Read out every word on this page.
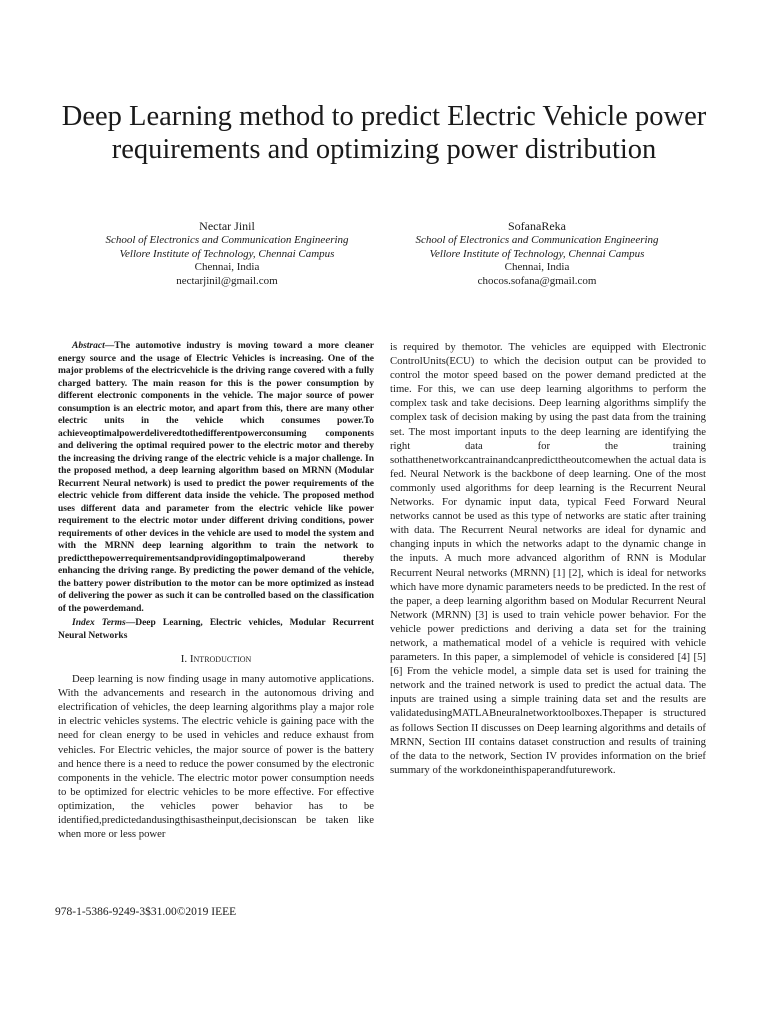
Deep Learning method to predict Electric Vehicle power requirements and optimizing power distribution
Nectar Jinil
School of Electronics and Communication Engineering
Vellore Institute of Technology, Chennai Campus
Chennai, India
nectarjinil@gmail.com
SofanaReka
School of Electronics and Communication Engineering
Vellore Institute of Technology, Chennai Campus
Chennai, India
chocos.sofana@gmail.com

Abstract—The automotive industry is moving toward a more cleaner energy source and the usage of Electric Vehicles is increasing. One of the major problems of the electricvehicle is the driving range covered with a fully charged battery. The main reason for this is the power consumption by different electronic components in the vehicle. The major source of power consumption is an electric motor, and apart from this, there are many other electric units in the vehicle which consumes power.To achieveoptimalpowerdeliveredtothedifferentpowerconsuming components and delivering the optimal required power to the electric motor and thereby the increasing the driving range of the electric vehicle is a major challenge. In the proposed method, a deep learning algorithm based on MRNN (Modular Recurrent Neural network) is used to predict the power requirements of the electric vehicle from different data inside the vehicle. The proposed method uses different data and parameter from the electric vehicle like power requirement to the electric motor under different driving conditions, power requirements of other devices in the vehicle are used to model the system and with the MRNN deep learning algorithm to train the network to predictthepowerrequirementsandprovidingoptimalpowerand thereby enhancing the driving range. By predicting the power demand of the vehicle, the battery power distribution to the motor can be more optimized as instead of delivering the power as such it can be controlled based on the classification of the powerdemand.

Index Terms—Deep Learning, Electric vehicles, Modular Recurrent Neural Networks

I. Introduction

Deep learning is now finding usage in many automotive applications. With the advancements and research in the autonomous driving and electrification of vehicles, the deep learning algorithms play a major role in electric vehicles systems. The electric vehicle is gaining pace with the need for clean energy to be used in vehicles and reduce exhaust from vehicles. For Electric vehicles, the major source of power is the battery and hence there is a need to reduce the power consumed by the electronic components in the vehicle. The electric motor power consumption needs to be optimized for electric vehicles to be more effective. For effective optimization, the vehicles power behavior has to be identified,predictedandusingthisastheinput,decisionscan be taken like when more or less power

is required by themotor. The vehicles are equipped with Electronic ControlUnits(ECU) to which the decision output can be provided to control the motor speed based on the power demand predicted at the time. For this, we can use deep learning algorithms to perform the complex task and take decisions. Deep learning algorithms simplify the complex task of decision making by using the past data from the training set. The most important inputs to the deep learning are identifying the right data for the training sothatthenetworkcantrainandcanpredicttheoutcomewhen the actual data is fed. Neural Network is the backbone of deep learning. One of the most commonly used algorithms for deep learning is the Recurrent Neural Networks. For dynamic input data, typical Feed Forward Neural networks cannot be used as this type of networks are static after training with data. The Recurrent Neural networks are ideal for dynamic and changing inputs in which the networks adapt to the dynamic change in the inputs. A much more advanced algorithm of RNN is Modular Recurrent Neural networks (MRNN) [1] [2], which is ideal for networks which have more dynamic parameters needs to be predicted. In the rest of the paper, a deep learning algorithm based on Modular Recurrent Neural Network (MRNN) [3] is used to train vehicle power behavior. For the vehicle power predictions and deriving a data set for the training network, a mathematical model of a vehicle is required with vehicle parameters. In this paper, a simplemodel of vehicle is considered [4] [5] [6] From the vehicle model, a simple data set is used for training the network and the trained network is used to predict the actual data. The inputs are trained using a simple training data set and the results are validatedusingMATLABneuralnetworktoolboxes.Thepaper is structured as follows Section II discusses on Deep learning algorithms and details of MRNN, Section III contains dataset construction and results of training of the data to the network, Section IV provides information on the brief summary of the workdoneinthispaperandfuturework.

978-1-5386-9249-3$31.00©2019 IEEE
